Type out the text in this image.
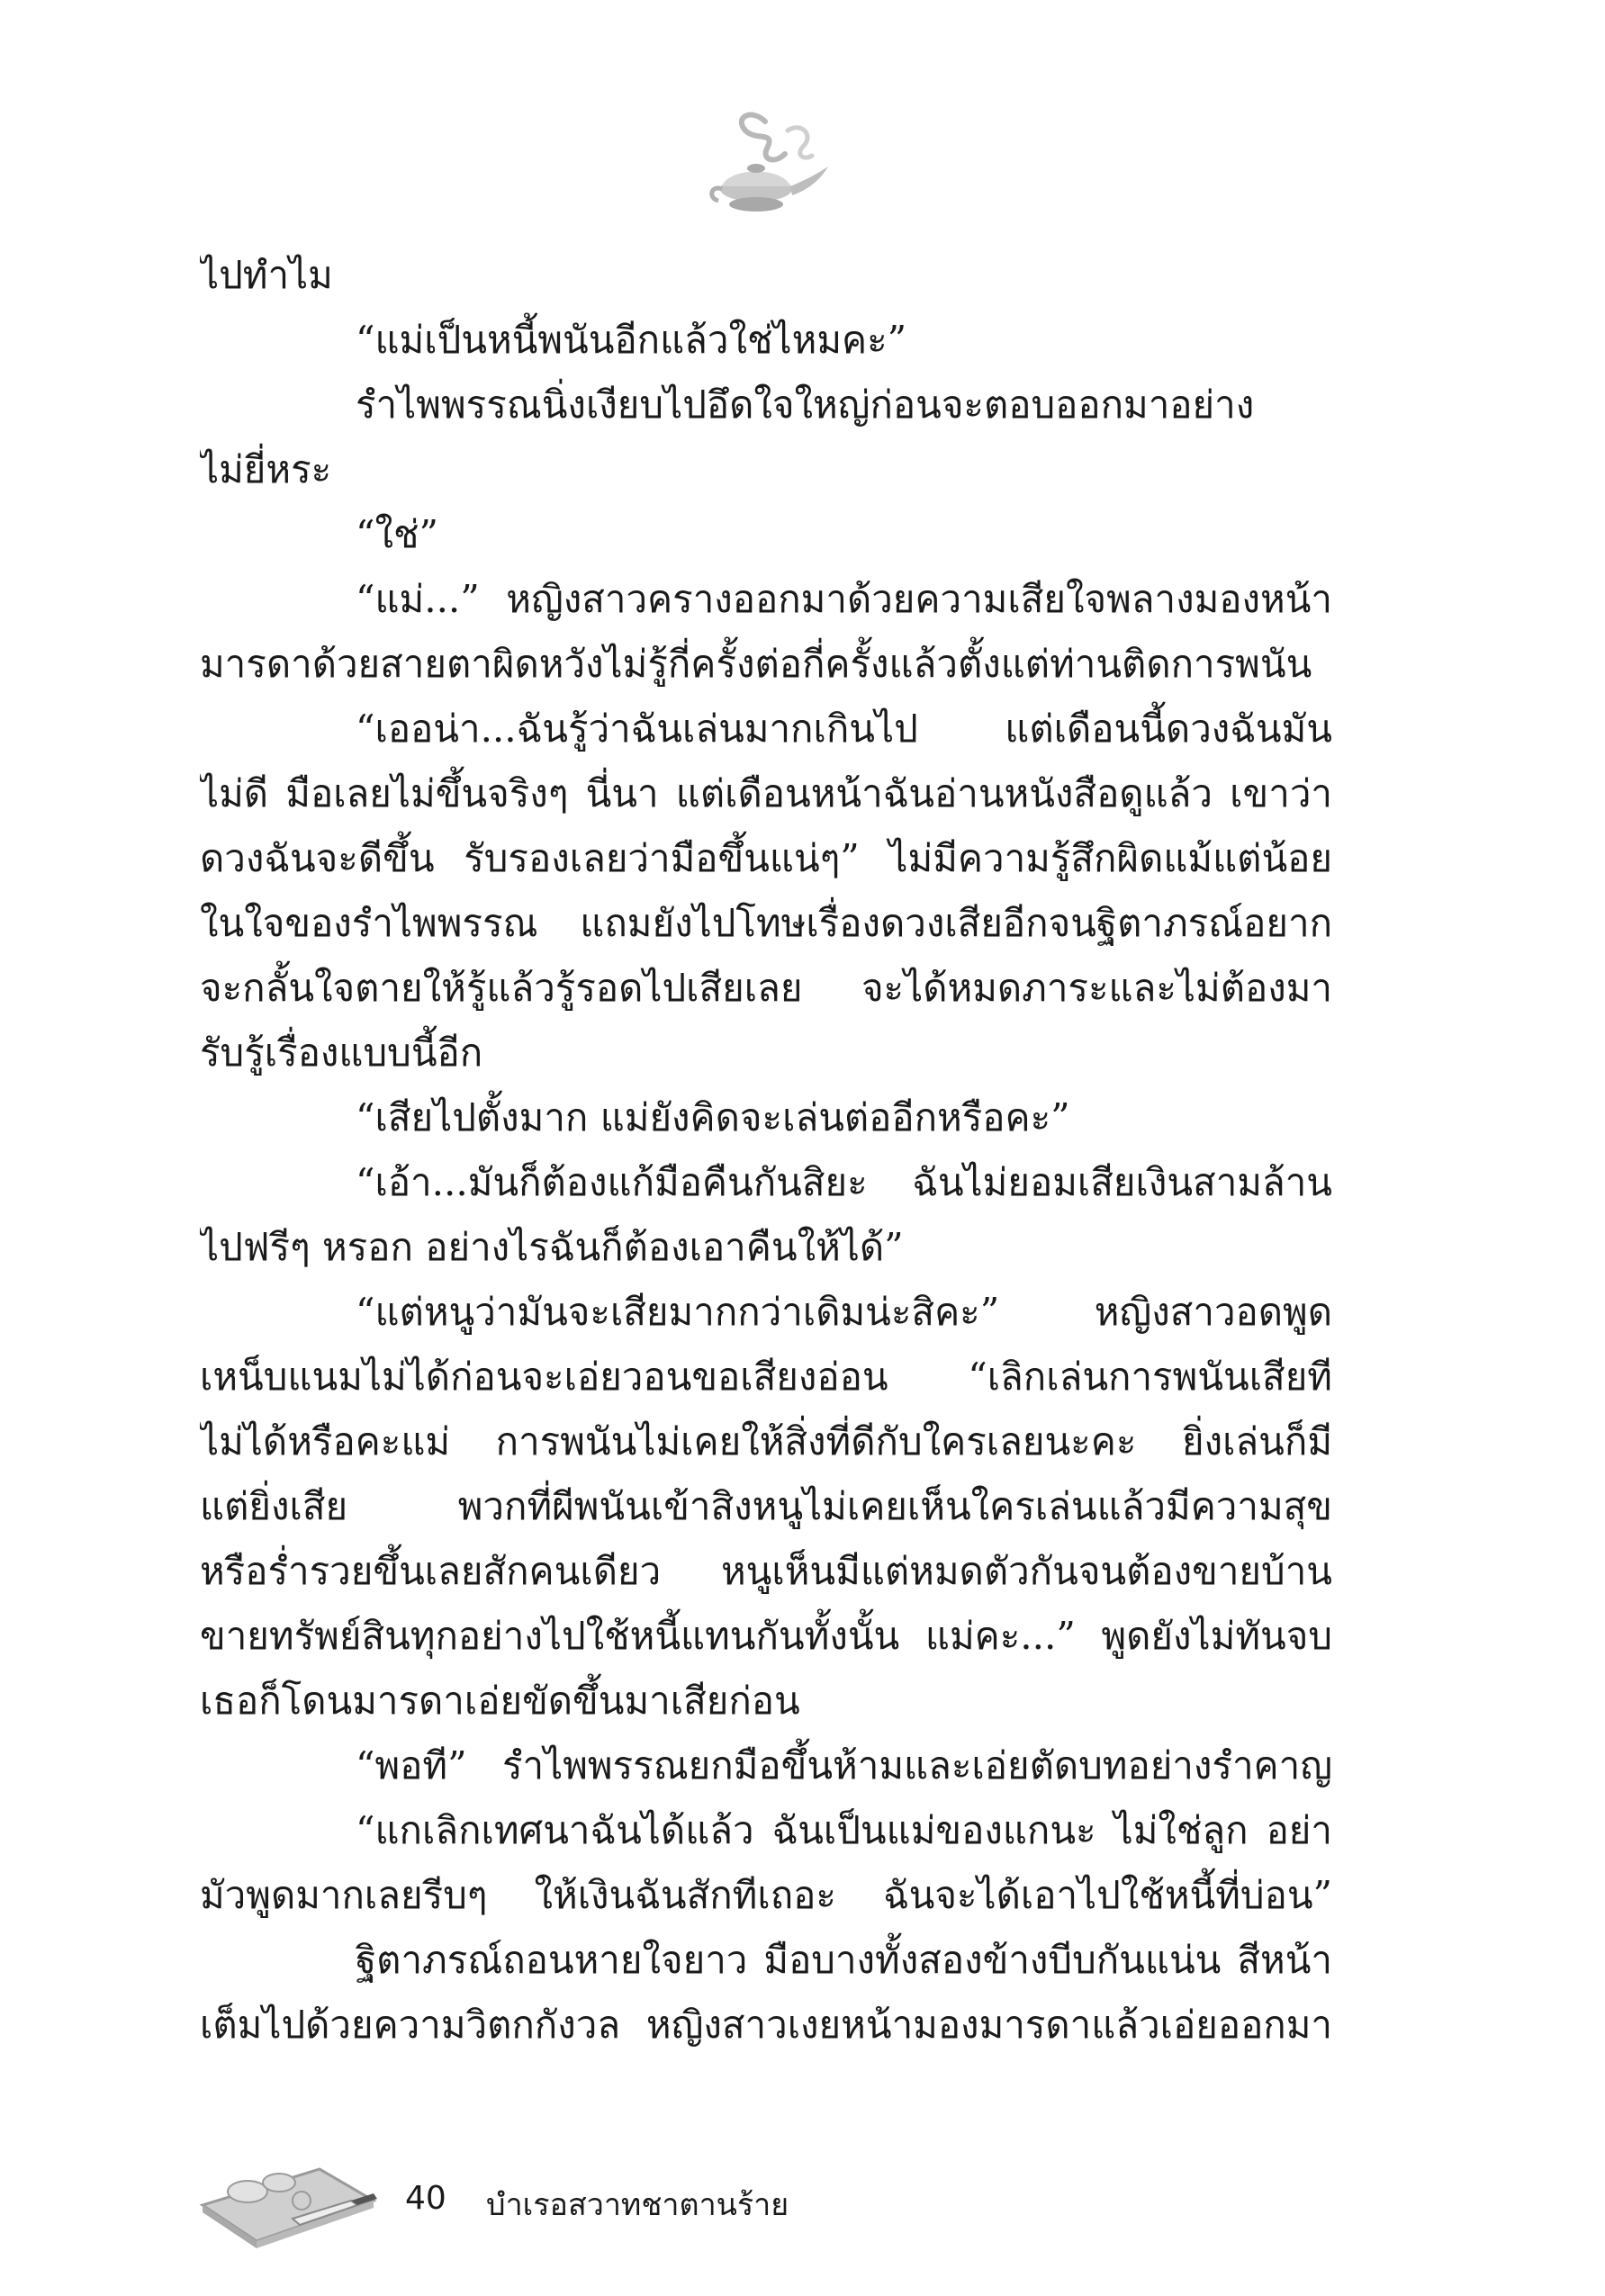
ไปทำไม
“แม่เป็นหนี้พนันอีกแล้วใช่ไหมคะ”
รำไพพรรณนิ่งเงียบไปอึดใจใหญ่ก่อนจะตอบออกมาอย่าง
ไม่ยี่หระ
“ใช่”
“แม่...” หญิงสาวครางออกมาด้วยความเสียใจพลางมองหน้า
มารดาด้วยสายตาผิดหวังไม่รู้กี่ครั้งต่อกี่ครั้งแล้วตั้งแต่ท่านติดการพนัน
“เออน่า...ฉันรู้ว่าฉันเล่นมากเกินไป แต่เดือนนี้ดวงฉันมัน
ไม่ดี มือเลยไม่ขึ้นจริงๆ นี่นา แต่เดือนหน้าฉันอ่านหนังสือดูแล้ว เขาว่า
ดวงฉันจะดีขึ้น รับรองเลยว่ามือขึ้นแน่ๆ” ไม่มีความรู้สึกผิดแม้แต่น้อย
ในใจของรำไพพรรณ แถมยังไปโทษเรื่องดวงเสียอีกจนฐิตาภรณ์อยาก
จะกลั้นใจตายให้รู้แล้วรู้รอดไปเสียเลย จะได้หมดภาระและไม่ต้องมา
รับรู้เรื่องแบบนี้อีก
“เสียไปตั้งมาก แม่ยังคิดจะเล่นต่ออีกหรือคะ”
“เอ้า...มันก็ต้องแก้มือคืนกันสิยะ ฉันไม่ยอมเสียเงินสามล้าน
ไปฟรีๆ หรอก อย่างไรฉันก็ต้องเอาคืนให้ได้”
“แต่หนูว่ามันจะเสียมากกว่าเดิมน่ะสิคะ” หญิงสาวอดพูด
เหน็บแนมไม่ได้ก่อนจะเอ่ยวอนขอเสียงอ่อน “เลิกเล่นการพนันเสียที
ไม่ได้หรือคะแม่ การพนันไม่เคยให้สิ่งที่ดีกับใครเลยนะคะ ยิ่งเล่นก็มี
แต่ยิ่งเสีย พวกที่ผีพนันเข้าสิงหนูไม่เคยเห็นใครเล่นแล้วมีความสุข
หรือร่ำรวยขึ้นเลยสักคนเดียว หนูเห็นมีแต่หมดตัวกันจนต้องขายบ้าน
ขายทรัพย์สินทุกอย่างไปใช้หนี้แทนกันทั้งนั้น แม่คะ...” พูดยังไม่ทันจบ
เธอก็โดนมารดาเอ่ยขัดขึ้นมาเสียก่อน
“พอที” รำไพพรรณยกมือขึ้นห้ามและเอ่ยตัดบทอย่างรำคาญ
“แกเลิกเทศนาฉันได้แล้ว ฉันเป็นแม่ของแกนะ ไม่ใช่ลูก อย่า
มัวพูดมากเลยรีบๆ ให้เงินฉันสักทีเถอะ ฉันจะได้เอาไปใช้หนี้ที่บ่อน”
ฐิตาภรณ์ถอนหายใจยาว มือบางทั้งสองข้างบีบกันแน่น สีหน้า
เต็มไปด้วยความวิตกกังวล หญิงสาวเงยหน้ามองมารดาแล้วเอ่ยออกมา
40 บำเรอสวาทชาตานร้าย
